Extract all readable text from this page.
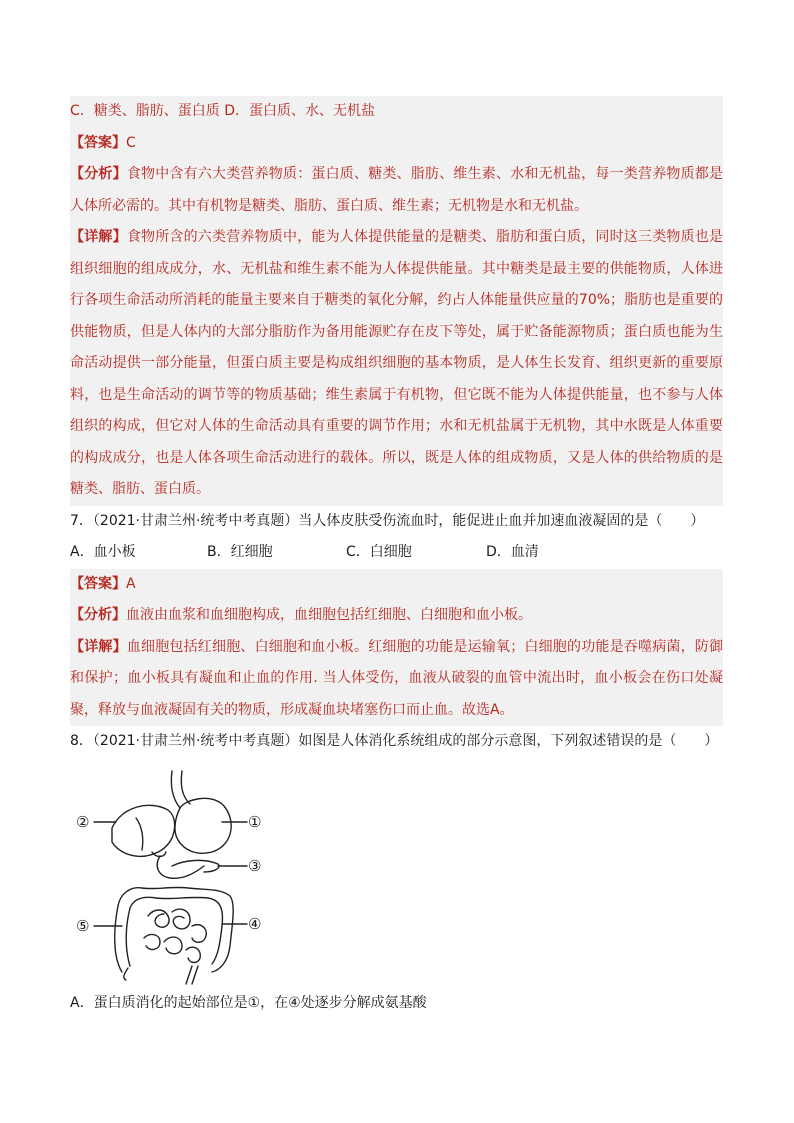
C．糖类、脂肪、蛋白质 D．蛋白质、水、无机盐
【答案】C
【分析】食物中含有六大类营养物质：蛋白质、糖类、脂肪、维生素、水和无机盐，每一类营养物质都是人体所必需的。其中有机物是糖类、脂肪、蛋白质、维生素；无机物是水和无机盐。
【详解】食物所含的六类营养物质中，能为人体提供能量的是糖类、脂肪和蛋白质，同时这三类物质也是组织细胞的组成成分，水、无机盐和维生素不能为人体提供能量。其中糖类是最主要的供能物质，人体进行各项生命活动所消耗的能量主要来自于糖类的氧化分解，约占人体能量供应量的70%；脂肪也是重要的供能物质，但是人体内的大部分脂肪作为备用能源贮存在皮下等处，属于贮备能源物质；蛋白质也能为生命活动提供一部分能量，但蛋白质主要是构成组织细胞的基本物质，是人体生长发育、组织更新的重要原料，也是生命活动的调节等的物质基础；维生素属于有机物，但它既不能为人体提供能量，也不参与人体组织的构成，但它对人体的生命活动具有重要的调节作用；水和无机盐属于无机物，其中水既是人体重要的构成成分，也是人体各项生命活动进行的载体。所以，既是人体的组成物质，又是人体的供给物质的是糖类、脂肪、蛋白质。
7．（2021·甘肃兰州·统考中考真题）当人体皮肤受伤流血时，能促进止血并加速血液凝固的是（　　）
A．血小板	B．红细胞	C．白细胞	D．血清
【答案】A
【分析】血液由血浆和血细胞构成，血细胞包括红细胞、白细胞和血小板。
【详解】血细胞包括红细胞、白细胞和血小板。红细胞的功能是运输氧；白细胞的功能是吞噬病菌，防御和保护；血小板具有凝血和止血的作用. 当人体受伤，血液从破裂的血管中流出时，血小板会在伤口处凝聚，释放与血液凝固有关的物质，形成凝血块堵塞伤口而止血。故选A。
8．（2021·甘肃兰州·统考中考真题）如图是人体消化系统组成的部分示意图，下列叙述错误的是（　　）
①
②
③
④
⑤
A．蛋白质消化的起始部位是①，在④处逐步分解成氨基酸
